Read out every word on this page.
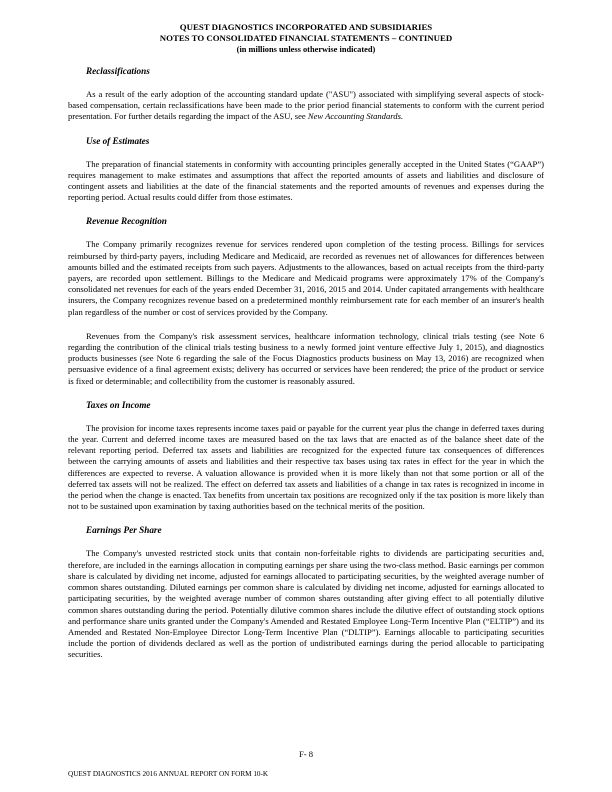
QUEST DIAGNOSTICS INCORPORATED AND SUBSIDIARIES
NOTES TO CONSOLIDATED FINANCIAL STATEMENTS – CONTINUED
(in millions unless otherwise indicated)
Reclassifications

As a result of the early adoption of the accounting standard update ("ASU") associated with simplifying several aspects of stock-based compensation, certain reclassifications have been made to the prior period financial statements to conform with the current period presentation. For further details regarding the impact of the ASU, see New Accounting Standards.

Use of Estimates

The preparation of financial statements in conformity with accounting principles generally accepted in the United States (“GAAP”) requires management to make estimates and assumptions that affect the reported amounts of assets and liabilities and disclosure of contingent assets and liabilities at the date of the financial statements and the reported amounts of revenues and expenses during the reporting period. Actual results could differ from those estimates.

Revenue Recognition

The Company primarily recognizes revenue for services rendered upon completion of the testing process. Billings for services reimbursed by third-party payers, including Medicare and Medicaid, are recorded as revenues net of allowances for differences between amounts billed and the estimated receipts from such payers. Adjustments to the allowances, based on actual receipts from the third-party payers, are recorded upon settlement. Billings to the Medicare and Medicaid programs were approximately 17% of the Company's consolidated net revenues for each of the years ended December 31, 2016, 2015 and 2014. Under capitated arrangements with healthcare insurers, the Company recognizes revenue based on a predetermined monthly reimbursement rate for each member of an insurer's health plan regardless of the number or cost of services provided by the Company.

Revenues from the Company's risk assessment services, healthcare information technology, clinical trials testing (see Note 6 regarding the contribution of the clinical trials testing business to a newly formed joint venture effective July 1, 2015), and diagnostics products businesses (see Note 6 regarding the sale of the Focus Diagnostics products business on May 13, 2016) are recognized when persuasive evidence of a final agreement exists; delivery has occurred or services have been rendered; the price of the product or service is fixed or determinable; and collectibility from the customer is reasonably assured.

Taxes on Income

The provision for income taxes represents income taxes paid or payable for the current year plus the change in deferred taxes during the year. Current and deferred income taxes are measured based on the tax laws that are enacted as of the balance sheet date of the relevant reporting period. Deferred tax assets and liabilities are recognized for the expected future tax consequences of differences between the carrying amounts of assets and liabilities and their respective tax bases using tax rates in effect for the year in which the differences are expected to reverse. A valuation allowance is provided when it is more likely than not that some portion or all of the deferred tax assets will not be realized. The effect on deferred tax assets and liabilities of a change in tax rates is recognized in income in the period when the change is enacted. Tax benefits from uncertain tax positions are recognized only if the tax position is more likely than not to be sustained upon examination by taxing authorities based on the technical merits of the position.

Earnings Per Share

The Company's unvested restricted stock units that contain non-forfeitable rights to dividends are participating securities and, therefore, are included in the earnings allocation in computing earnings per share using the two-class method. Basic earnings per common share is calculated by dividing net income, adjusted for earnings allocated to participating securities, by the weighted average number of common shares outstanding. Diluted earnings per common share is calculated by dividing net income, adjusted for earnings allocated to participating securities, by the weighted average number of common shares outstanding after giving effect to all potentially dilutive common shares outstanding during the period. Potentially dilutive common shares include the dilutive effect of outstanding stock options and performance share units granted under the Company's Amended and Restated Employee Long-Term Incentive Plan (“ELTIP”) and its Amended and Restated Non-Employee Director Long-Term Incentive Plan (“DLTIP”). Earnings allocable to participating securities include the portion of dividends declared as well as the portion of undistributed earnings during the period allocable to participating securities.

F- 8
QUEST DIAGNOSTICS 2016 ANNUAL REPORT ON FORM 10-K
